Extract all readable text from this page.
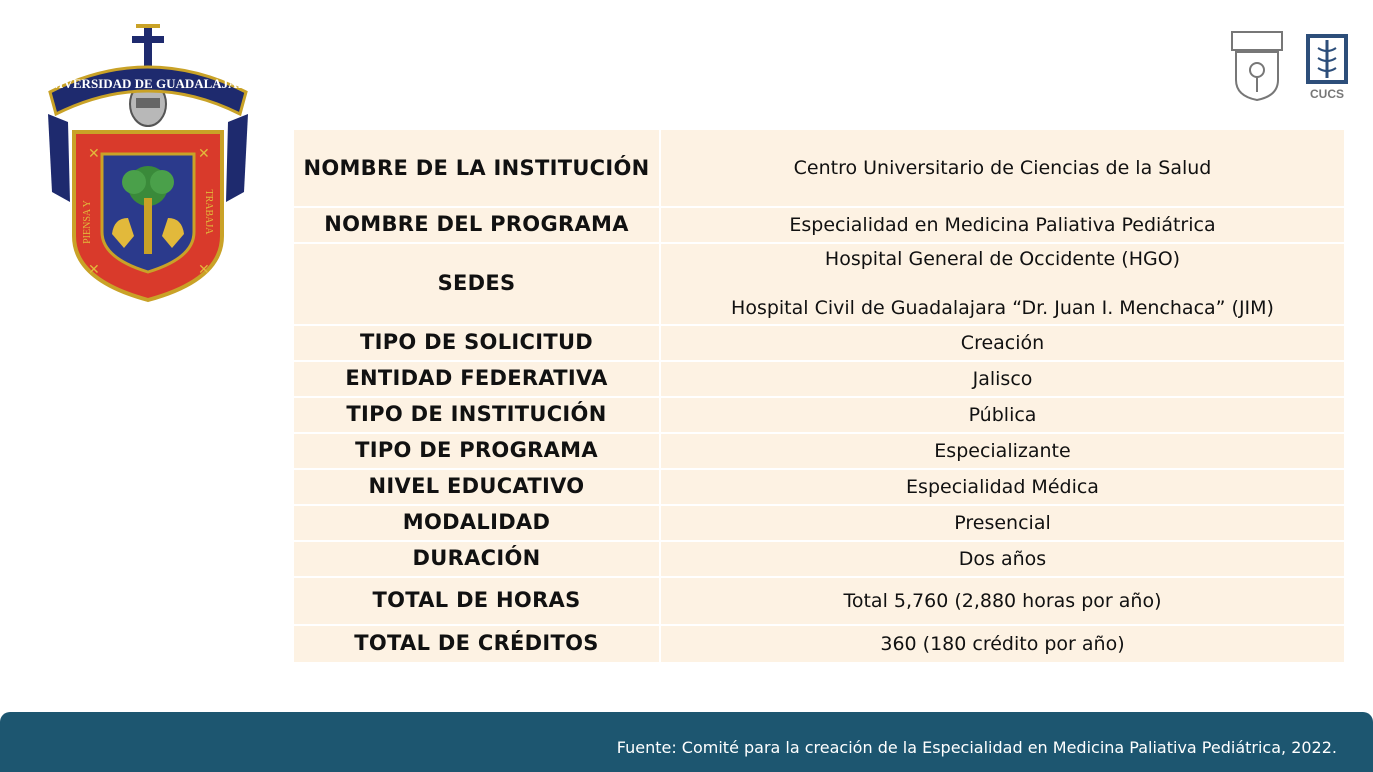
UNIVERSIDAD DE GUADALAJARA
✕	✕
✕	✕
PIENSA Y	TRABAJA
CUCS
NOMBRE DE LA INSTITUCIÓN	Centro Universitario de Ciencias de la Salud
NOMBRE DEL PROGRAMA	Especialidad en Medicina Paliativa Pediátrica
SEDES	Hospital General de Occidente (HGO)
Hospital Civil de Guadalajara “Dr. Juan I. Menchaca” (JIM)

TIPO DE SOLICITUD	Creación
ENTIDAD FEDERATIVA	Jalisco
TIPO DE INSTITUCIÓN	Pública
TIPO DE PROGRAMA	Especializante
NIVEL EDUCATIVO	Especialidad Médica
MODALIDAD	Presencial
DURACIÓN	Dos años
TOTAL DE HORAS	Total 5,760 (2,880 horas por año)
TOTAL DE CRÉDITOS	360 (180 crédito por año)
Fuente: Comité para la creación de la Especialidad en Medicina Paliativa Pediátrica, 2022.
